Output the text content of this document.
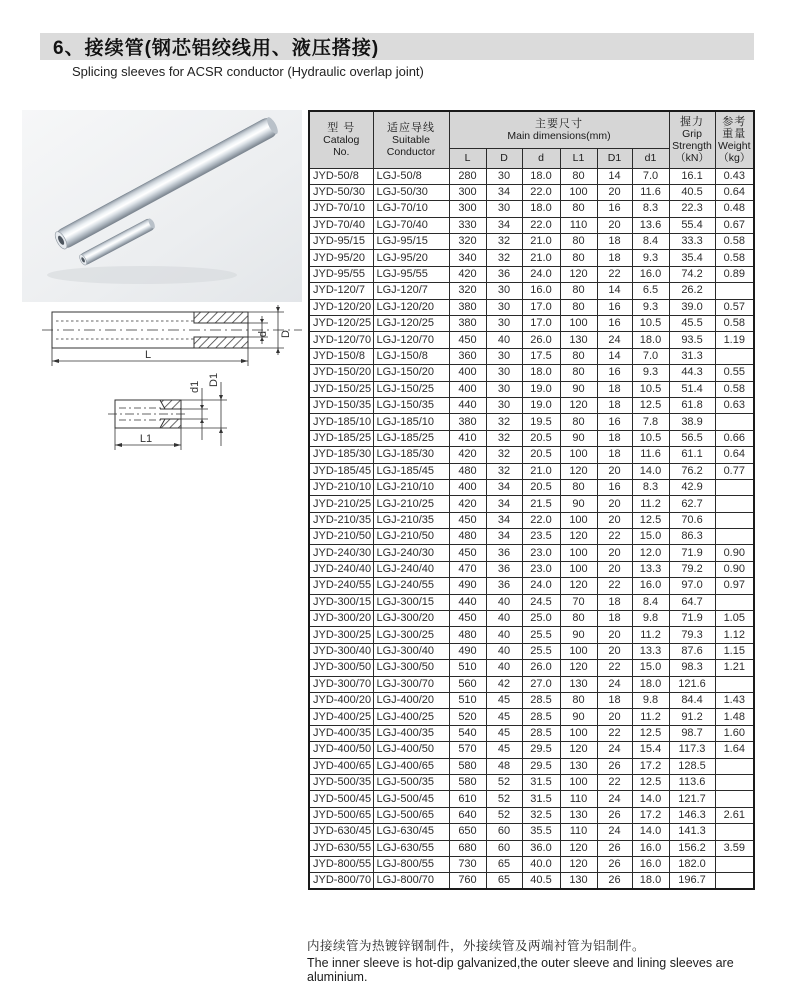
6、接续管(钢芯铝绞线用、液压搭接)
Splicing sleeves for ACSR conductor (Hydraulic overlap joint)
L
d D
L1
d1 D1
型 号
Catalog
No.	适应导线
Suitable
Conductor	主要尺寸
Main dimensions(mm)						握力
Grip
Strength
（kN）	参考
重量
Weight
（kg）

		L	D	d	L1	D1	d1		
JYD-50/8	LGJ-50/8	280	30	18.0	80	14	7.0	16.1	0.43
JYD-50/30	LGJ-50/30	300	34	22.0	100	20	11.6	40.5	0.64
JYD-70/10	LGJ-70/10	300	30	18.0	80	16	8.3	22.3	0.48
JYD-70/40	LGJ-70/40	330	34	22.0	110	20	13.6	55.4	0.67
JYD-95/15	LGJ-95/15	320	32	21.0	80	18	8.4	33.3	0.58
JYD-95/20	LGJ-95/20	340	32	21.0	80	18	9.3	35.4	0.58
JYD-95/55	LGJ-95/55	420	36	24.0	120	22	16.0	74.2	0.89
JYD-120/7	LGJ-120/7	320	30	16.0	80	14	6.5	26.2	
JYD-120/20	LGJ-120/20	380	30	17.0	80	16	9.3	39.0	0.57
JYD-120/25	LGJ-120/25	380	30	17.0	100	16	10.5	45.5	0.58
JYD-120/70	LGJ-120/70	450	40	26.0	130	24	18.0	93.5	1.19
JYD-150/8	LGJ-150/8	360	30	17.5	80	14	7.0	31.3	
JYD-150/20	LGJ-150/20	400	30	18.0	80	16	9.3	44.3	0.55
JYD-150/25	LGJ-150/25	400	30	19.0	90	18	10.5	51.4	0.58
JYD-150/35	LGJ-150/35	440	30	19.0	120	18	12.5	61.8	0.63
JYD-185/10	LGJ-185/10	380	32	19.5	80	16	7.8	38.9	
JYD-185/25	LGJ-185/25	410	32	20.5	90	18	10.5	56.5	0.66
JYD-185/30	LGJ-185/30	420	32	20.5	100	18	11.6	61.1	0.64
JYD-185/45	LGJ-185/45	480	32	21.0	120	20	14.0	76.2	0.77
JYD-210/10	LGJ-210/10	400	34	20.5	80	16	8.3	42.9	
JYD-210/25	LGJ-210/25	420	34	21.5	90	20	11.2	62.7	
JYD-210/35	LGJ-210/35	450	34	22.0	100	20	12.5	70.6	
JYD-210/50	LGJ-210/50	480	34	23.5	120	22	15.0	86.3	
JYD-240/30	LGJ-240/30	450	36	23.0	100	20	12.0	71.9	0.90
JYD-240/40	LGJ-240/40	470	36	23.0	100	20	13.3	79.2	0.90
JYD-240/55	LGJ-240/55	490	36	24.0	120	22	16.0	97.0	0.97
JYD-300/15	LGJ-300/15	440	40	24.5	70	18	8.4	64.7	
JYD-300/20	LGJ-300/20	450	40	25.0	80	18	9.8	71.9	1.05
JYD-300/25	LGJ-300/25	480	40	25.5	90	20	11.2	79.3	1.12
JYD-300/40	LGJ-300/40	490	40	25.5	100	20	13.3	87.6	1.15
JYD-300/50	LGJ-300/50	510	40	26.0	120	22	15.0	98.3	1.21
JYD-300/70	LGJ-300/70	560	42	27.0	130	24	18.0	121.6	
JYD-400/20	LGJ-400/20	510	45	28.5	80	18	9.8	84.4	1.43
JYD-400/25	LGJ-400/25	520	45	28.5	90	20	11.2	91.2	1.48
JYD-400/35	LGJ-400/35	540	45	28.5	100	22	12.5	98.7	1.60
JYD-400/50	LGJ-400/50	570	45	29.5	120	24	15.4	117.3	1.64
JYD-400/65	LGJ-400/65	580	48	29.5	130	26	17.2	128.5	
JYD-500/35	LGJ-500/35	580	52	31.5	100	22	12.5	113.6	
JYD-500/45	LGJ-500/45	610	52	31.5	110	24	14.0	121.7	
JYD-500/65	LGJ-500/65	640	52	32.5	130	26	17.2	146.3	2.61
JYD-630/45	LGJ-630/45	650	60	35.5	110	24	14.0	141.3	
JYD-630/55	LGJ-630/55	680	60	36.0	120	26	16.0	156.2	3.59
JYD-800/55	LGJ-800/55	730	65	40.0	120	26	16.0	182.0	
JYD-800/70	LGJ-800/70	760	65	40.5	130	26	18.0	196.7	
内接续管为热镀锌钢制件，外接续管及两端衬管为铝制件。
The inner sleeve is hot-dip galvanized,the outer sleeve and lining sleeves are aluminium.
